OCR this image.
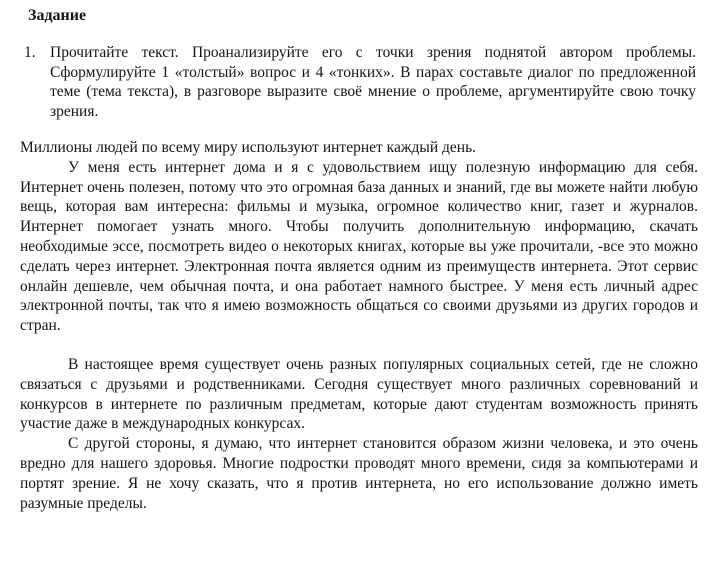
Задание
1. Прочитайте текст. Проанализируйте его с точки зрения поднятой автором проблемы. Сформулируйте 1 «толстый» вопрос и 4 «тонких». В парах составьте диалог по предложенной теме (тема текста), в разговоре выразите своё мнение о проблеме, аргументируйте свою точку зрения.

Миллионы людей по всему миру используют интернет каждый день.

У меня есть интернет дома и я с удовольствием ищу полезную информацию для себя. Интернет очень полезен, потому что это огромная база данных и знаний, где вы можете найти любую вещь, которая вам интересна: фильмы и музыка, огромное количество книг, газет и журналов. Интернет помогает узнать много. Чтобы получить дополнительную информацию, скачать необходимые эссе, посмотреть видео о некоторых книгах, которые вы уже прочитали, -все это можно сделать через интернет. Электронная почта является одним из преимуществ интернета. Этот сервис онлайн дешевле, чем обычная почта, и она работает намного быстрее. У меня есть личный адрес электронной почты, так что я имею возможность общаться со своими друзьями из других городов и стран.

В настоящее время существует очень разных популярных социальных сетей, где не сложно связаться с друзьями и родственниками. Сегодня существует много различных соревнований и конкурсов в интернете по различным предметам, которые дают студентам возможность принять участие даже в международных конкурсах.

С другой стороны, я думаю, что интернет становится образом жизни человека, и это очень вредно для нашего здоровья. Многие подростки проводят много времени, сидя за компьютерами и портят зрение. Я не хочу сказать, что я против интернета, но его использование должно иметь разумные пределы.
